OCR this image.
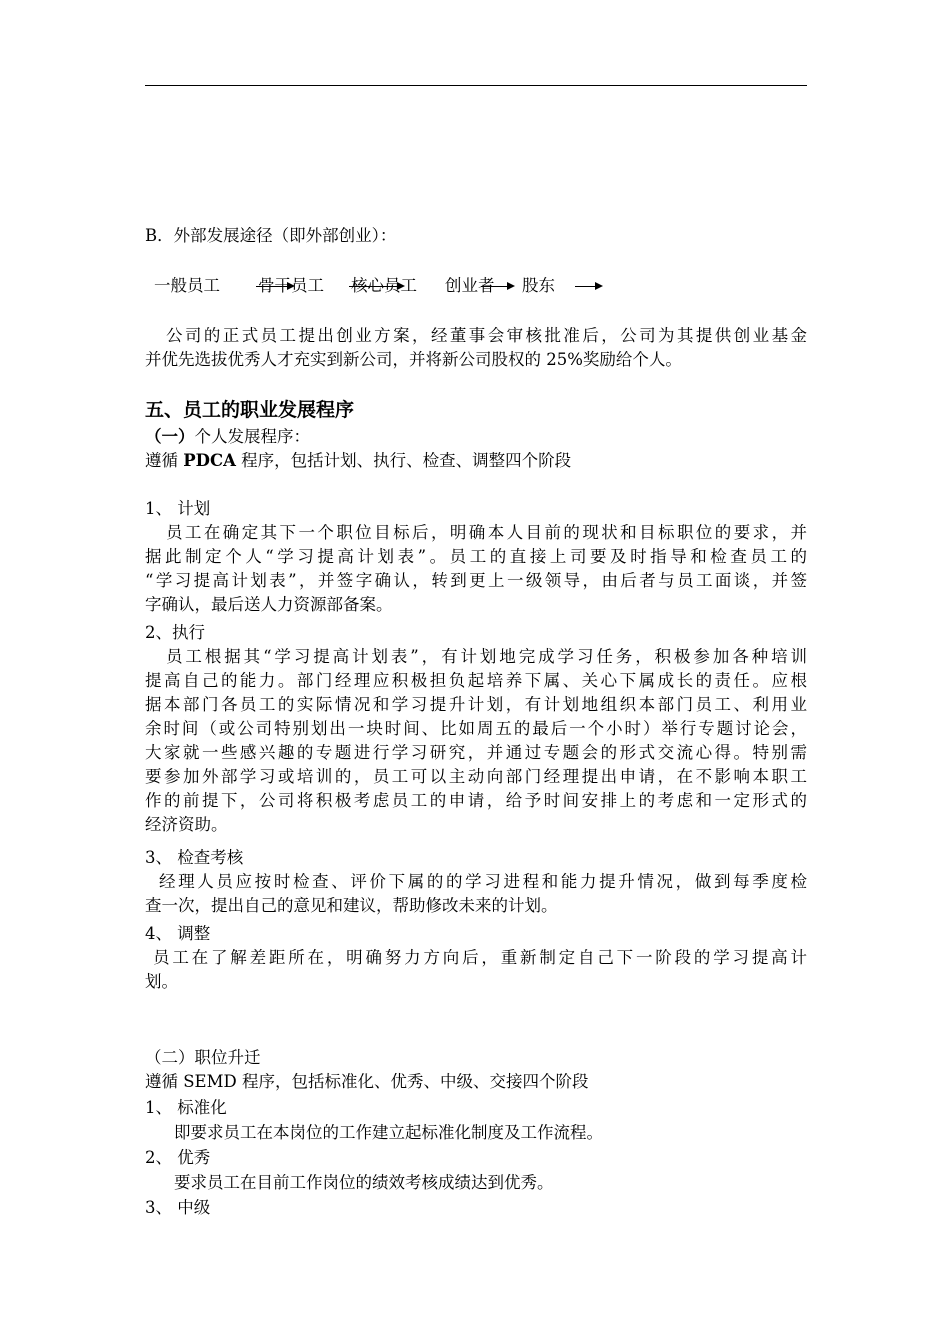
B．外部发展途径（即外部创业）：
一般员工 骨干员工 核心员工 创业者 股东
公司的正式员工提出创业方案，经董事会审核批准后，公司为其提供创业基金
并优先选拔优秀人才充实到新公司，并将新公司股权的 25%奖励给个人。
五、员工的职业发展程序
（一）个人发展程序：
遵循 PDCA 程序，包括计划、执行、检查、调整四个阶段
1、 计划
员工在确定其下一个职位目标后，明确本人目前的现状和目标职位的要求，并
据此制定个人“学习提高计划表”。员工的直接上司要及时指导和检查员工的
“学习提高计划表”，并签字确认，转到更上一级领导，由后者与员工面谈，并签
字确认，最后送人力资源部备案。
2、执行
员工根据其“学习提高计划表”，有计划地完成学习任务，积极参加各种培训
提高自己的能力。部门经理应积极担负起培养下属、关心下属成长的责任。应根
据本部门各员工的实际情况和学习提升计划，有计划地组织本部门员工、利用业
余时间（或公司特别划出一块时间、比如周五的最后一个小时）举行专题讨论会，
大家就一些感兴趣的专题进行学习研究，并通过专题会的形式交流心得。特别需
要参加外部学习或培训的，员工可以主动向部门经理提出申请，在不影响本职工
作的前提下，公司将积极考虑员工的申请，给予时间安排上的考虑和一定形式的
经济资助。
3、 检查考核
经理人员应按时检查、评价下属的的学习进程和能力提升情况，做到每季度检
查一次，提出自己的意见和建议，帮助修改未来的计划。
4、 调整
员工在了解差距所在，明确努力方向后，重新制定自己下一阶段的学习提高计
划。
（二）职位升迁
遵循 SEMD 程序，包括标准化、优秀、中级、交接四个阶段
1、 标准化
即要求员工在本岗位的工作建立起标准化制度及工作流程。
2、 优秀
要求员工在目前工作岗位的绩效考核成绩达到优秀。
3、 中级
